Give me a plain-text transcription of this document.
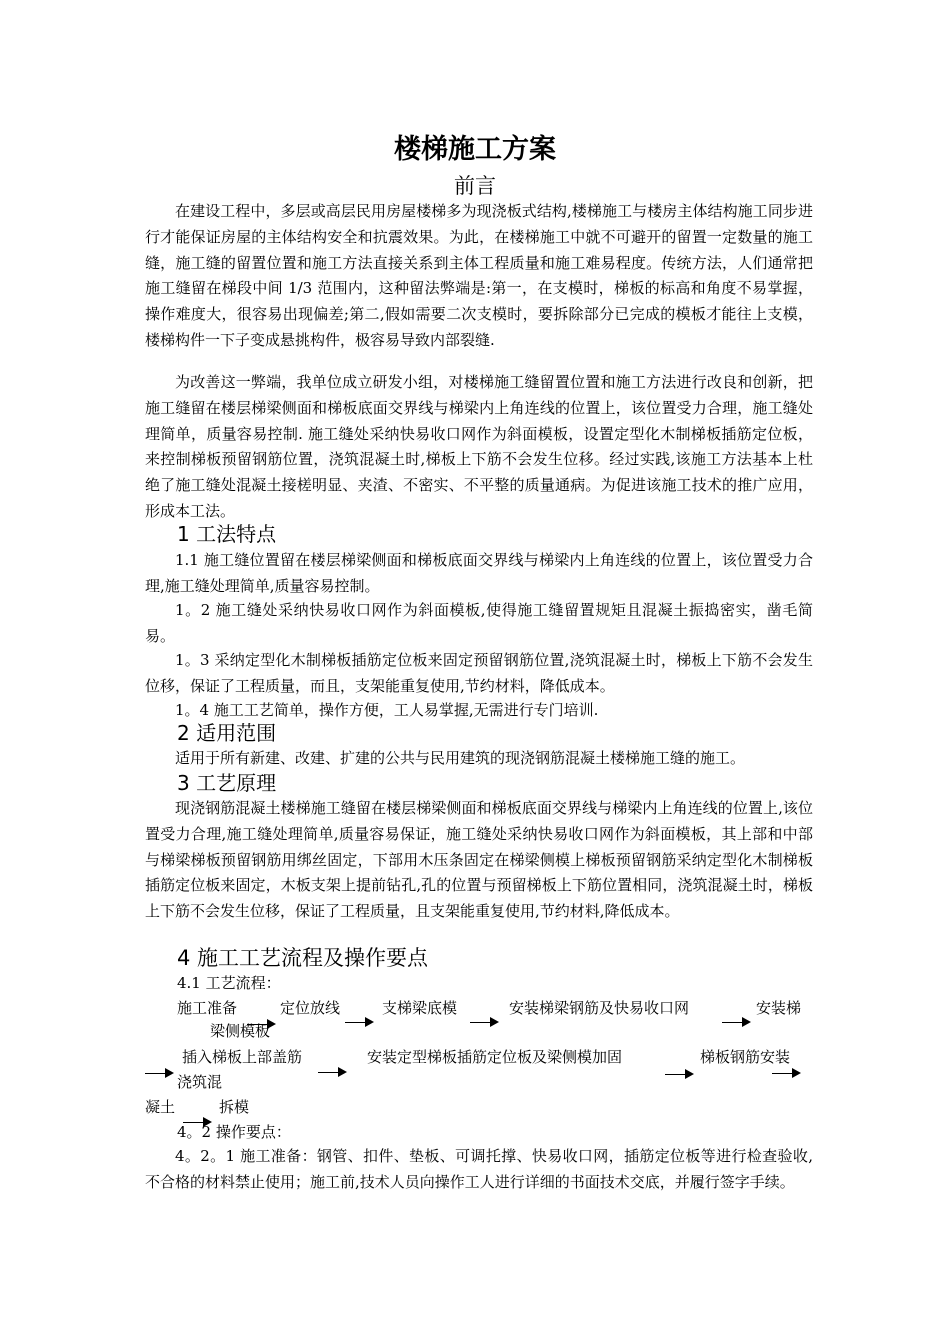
楼梯施工方案
前言

在建设工程中，多层或高层民用房屋楼梯多为现浇板式结构,楼梯施工与楼房主体结构施工同步进行才能保证房屋的主体结构安全和抗震效果。为此，在楼梯施工中就不可避开的留置一定数量的施工缝，施工缝的留置位置和施工方法直接关系到主体工程质量和施工难易程度。传统方法，人们通常把施工缝留在梯段中间 1/3 范围内，这种留法弊端是:第一，在支模时，梯板的标高和角度不易掌握，操作难度大，很容易出现偏差;第二,假如需要二次支模时，要拆除部分已完成的模板才能往上支模，楼梯构件一下子变成悬挑构件，极容易导致内部裂缝.

为改善这一弊端，我单位成立研发小组，对楼梯施工缝留置位置和施工方法进行改良和创新，把施工缝留在楼层梯梁侧面和梯板底面交界线与梯梁内上角连线的位置上，该位置受力合理，施工缝处理简单，质量容易控制. 施工缝处采纳快易收口网作为斜面模板，设置定型化木制梯板插筋定位板，来控制梯板预留钢筋位置，浇筑混凝土时,梯板上下筋不会发生位移。经过实践,该施工方法基本上杜绝了施工缝处混凝土接槎明显、夹渣、不密实、不平整的质量通病。为促进该施工技术的推广应用，形成本工法。

1 工法特点

1.1 施工缝位置留在楼层梯梁侧面和梯板底面交界线与梯梁内上角连线的位置上，该位置受力合理,施工缝处理简单,质量容易控制。

1。2 施工缝处采纳快易收口网作为斜面模板,使得施工缝留置规矩且混凝土振捣密实，凿毛简易。

1。3 采纳定型化木制梯板插筋定位板来固定预留钢筋位置,浇筑混凝土时，梯板上下筋不会发生位移，保证了工程质量，而且，支架能重复使用,节约材料，降低成本。

1。4 施工工艺简单，操作方便，工人易掌握,无需进行专门培训.

2 适用范围

适用于所有新建、改建、扩建的公共与民用建筑的现浇钢筋混凝土楼梯施工缝的施工。

3 工艺原理

现浇钢筋混凝土楼梯施工缝留在楼层梯梁侧面和梯板底面交界线与梯梁内上角连线的位置上,该位置受力合理,施工缝处理简单,质量容易保证，施工缝处采纳快易收口网作为斜面模板，其上部和中部与梯梁梯板预留钢筋用绑丝固定，下部用木压条固定在梯梁侧模上梯板预留钢筋采纳定型化木制梯板插筋定位板来固定，木板支架上提前钻孔,孔的位置与预留梯板上下筋位置相同，浇筑混凝土时，梯板上下筋不会发生位移，保证了工程质量，且支架能重复使用,节约材料,降低成本。

4 施工工艺流程及操作要点
4.1 工艺流程：
施工准备	定位放线	支梯梁底模	安装梯梁钢筋及快易收口网	安装梯
梁侧模板
插入梯板上部盖筋	安装定型梯板插筋定位板及梁侧模加固	梯板钢筋安装
浇筑混
凝土	拆模
4。2 操作要点：

4。2。1 施工准备：钢管、扣件、垫板、可调托撑、快易收口网，插筋定位板等进行检查验收,不合格的材料禁止使用；施工前,技术人员向操作工人进行详细的书面技术交底，并履行签字手续。
